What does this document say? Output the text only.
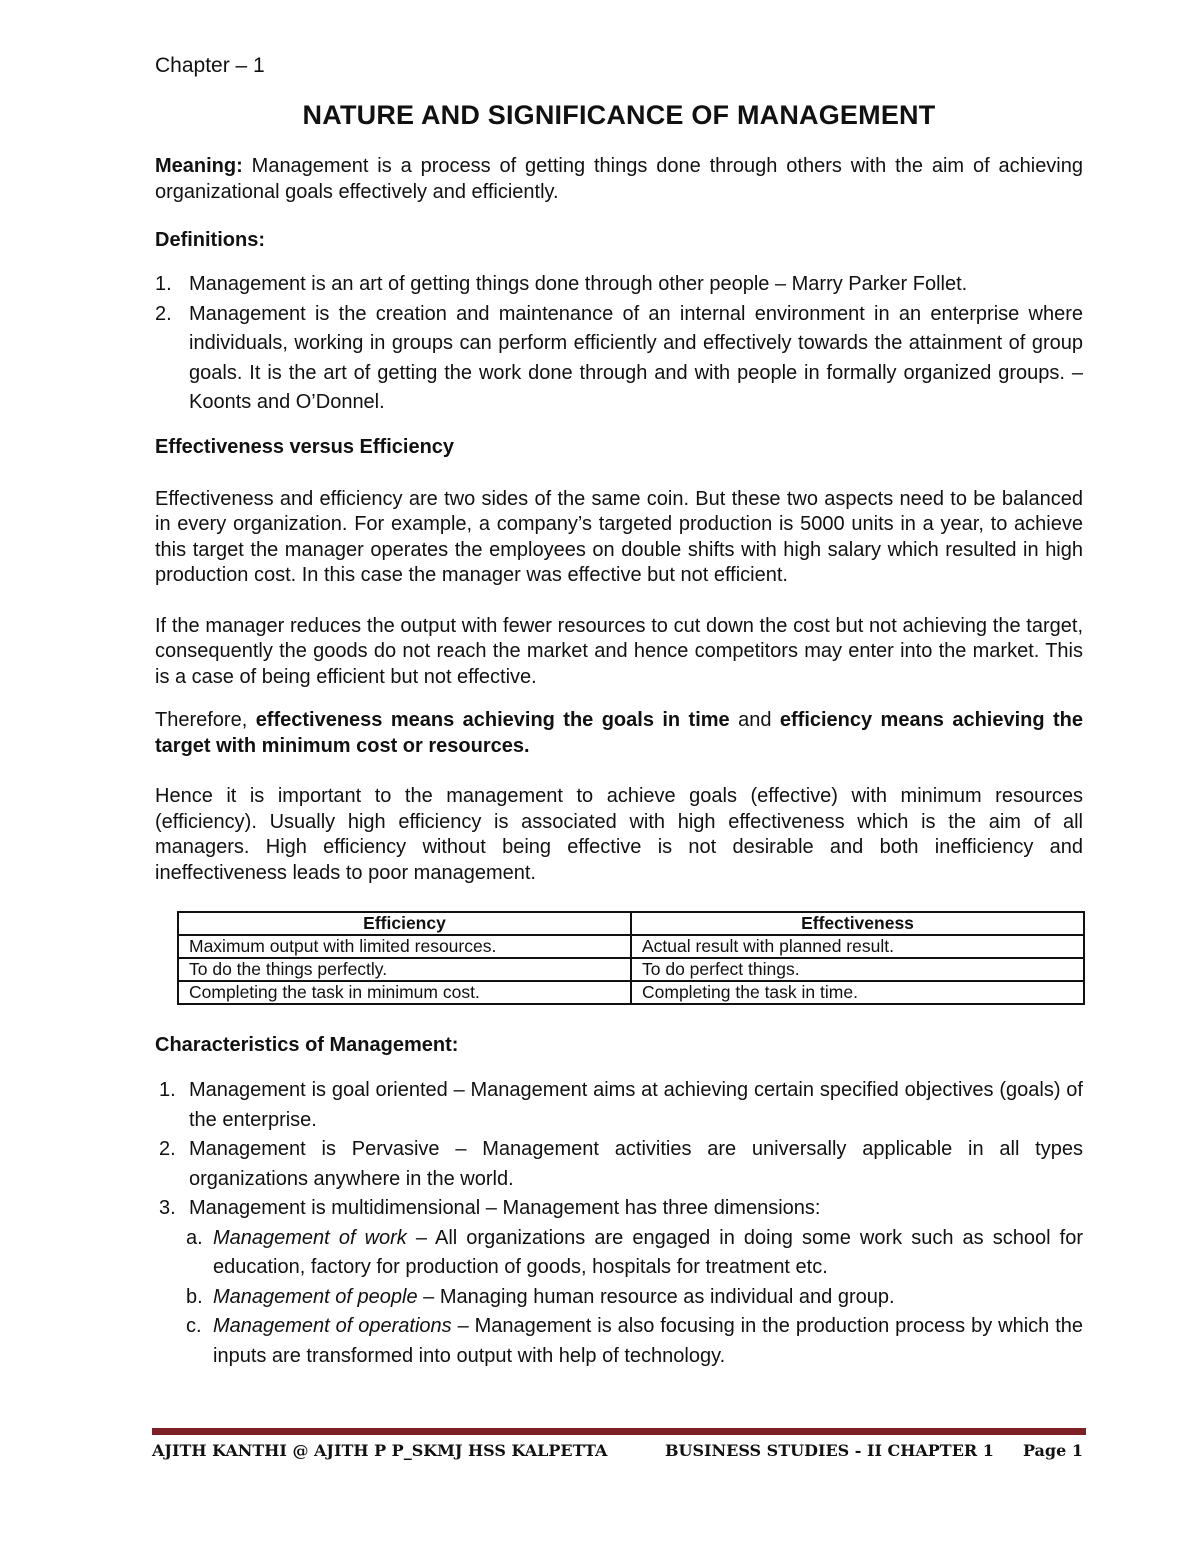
Chapter – 1
NATURE AND SIGNIFICANCE OF MANAGEMENT

Meaning: Management is a process of getting things done through others with the aim of achieving organizational goals effectively and efficiently.

Definitions:
1. Management is an art of getting things done through other people – Marry Parker Follet.
2. Management is the creation and maintenance of an internal environment in an enterprise where individuals, working in groups can perform efficiently and effectively towards the attainment of group goals. It is the art of getting the work done through and with people in formally organized groups. – Koonts and O’Donnel.
Effectiveness versus Efficiency

Effectiveness and efficiency are two sides of the same coin. But these two aspects need to be balanced in every organization. For example, a company’s targeted production is 5000 units in a year, to achieve this target the manager operates the employees on double shifts with high salary which resulted in high production cost. In this case the manager was effective but not efficient.

If the manager reduces the output with fewer resources to cut down the cost but not achieving the target, consequently the goods do not reach the market and hence competitors may enter into the market. This is a case of being efficient but not effective.

Therefore, effectiveness means achieving the goals in time and efficiency means achieving the target with minimum cost or resources.

Hence it is important to the management to achieve goals (effective) with minimum resources (efficiency). Usually high efficiency is associated with high effectiveness which is the aim of all managers. High efficiency without being effective is not desirable and both inefficiency and ineffectiveness leads to poor management.

Efficiency	Effectiveness
Maximum output with limited resources.	Actual result with planned result.
To do the things perfectly.	To do perfect things.
Completing the task in minimum cost.	Completing the task in time.
Characteristics of Management:
1. Management is goal oriented – Management aims at achieving certain specified objectives (goals) of the enterprise.
2. Management is Pervasive – Management activities are universally applicable in all types organizations anywhere in the world.
3. Management is multidimensional – Management has three dimensions:
a. Management of work – All organizations are engaged in doing some work such as school for education, factory for production of goods, hospitals for treatment etc.
b. Management of people – Managing human resource as individual and group.
c. Management of operations – Management is also focusing in the production process by which the inputs are transformed into output with help of technology.
AJITH KANTHI @ AJITH P P_SKMJ HSS KALPETTA	BUSINESS STUDIES - II CHAPTER 1 Page 1
